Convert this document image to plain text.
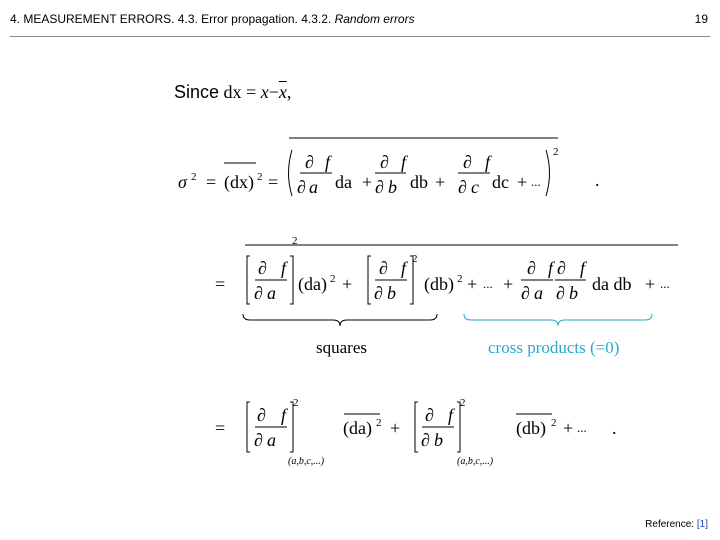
4. MEASUREMENT ERRORS. 4.3. Error propagation. 4.3.2. Random errors	19
Since dx = $x-\overline{x}$,
σ 2 = (dx) 2 =
∂ f
∂ a da +
∂ f
∂ b db +
∂ f
∂ c dc + ...
2
.
=
∂ f
∂ a
2
(da) 2 +
∂ f
∂ b
2
(db) 2 + ... +
∂ f ∂ f
∂ a ∂ b da db + ...
=
∂ f
∂ a
2
(a,b,c,...)
(da) 2 +
∂ f
∂ b
2
(a,b,c,...)
(db) 2 + ... .
squares	cross products (=0)
Reference: [1]
